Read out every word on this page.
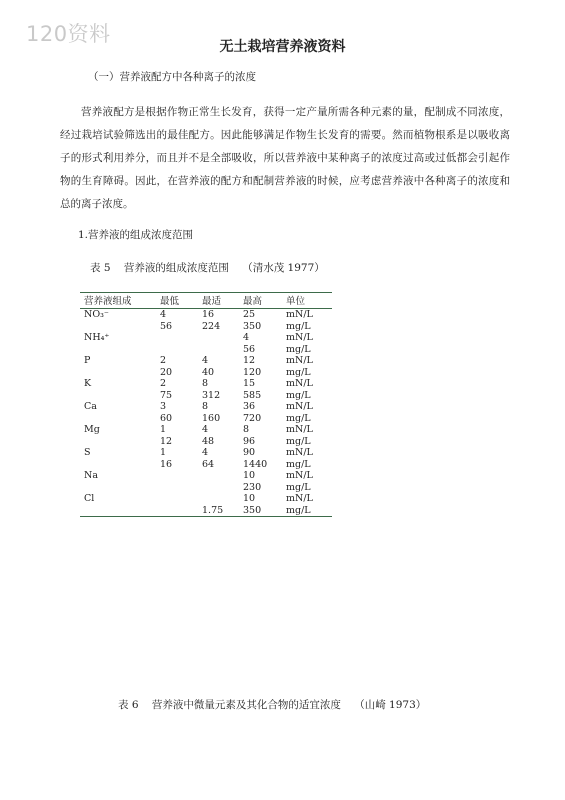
120资料
无土栽培营养液资料
（一）营养液配方中各种离子的浓度
营养液配方是根据作物正常生长发育，获得一定产量所需各种元素的量，配制成不同浓度，经过栽培试验筛选出的最佳配方。因此能够满足作物生长发育的需要。然而植物根系是以吸收离子的形式利用养分，而且并不是全部吸收，所以营养液中某种离子的浓度过高或过低都会引起作物的生育障碍。因此，在营养液的配方和配制营养液的时候，应考虑营养液中各种离子的浓度和总的离子浓度。
1.营养液的组成浓度范围
表 5    营养液的组成浓度范围    （清水茂 1977）
营养液组成	最低	最适	最高	单位
NO₃⁻	4	16	25	mN/L
	56	224	350	mg/L
NH₄⁺			4	mN/L
			56	mg/L
P	2	4	12	mN/L
	20	40	120	mg/L
K	2	8	15	mN/L
	75	312	585	mg/L
Ca	3	8	36	mN/L
	60	160	720	mg/L
Mg	1	4	8	mN/L
	12	48	96	mg/L
S	1	4	90	mN/L
	16	64	1440	mg/L
Na			10	mN/L
			230	mg/L
Cl			10	mN/L
		1.75	350	mg/L
表 6    营养液中微量元素及其化合物的适宜浓度    （山崎 1973）
